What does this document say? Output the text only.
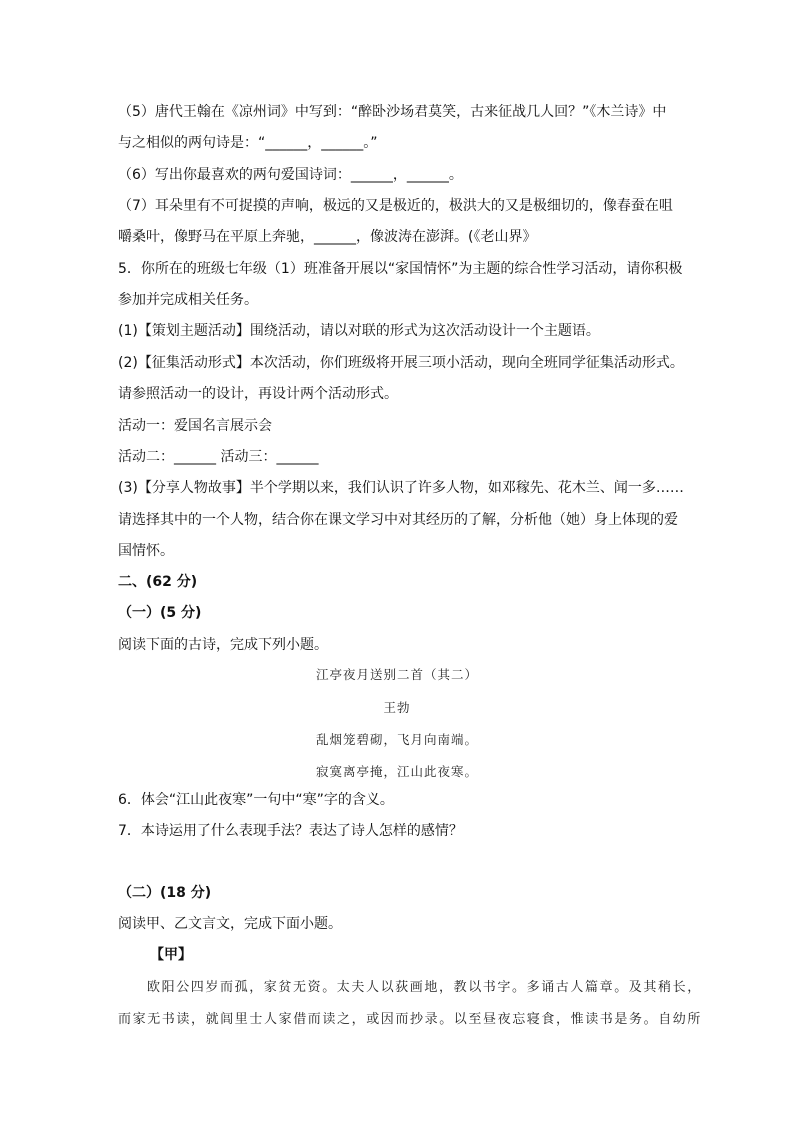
（5）唐代王翰在《凉州词》中写到：“醉卧沙场君莫笑，古来征战几人回？”《木兰诗》中
与之相似的两句诗是：“______，______。”
（6）写出你最喜欢的两句爱国诗词：______，______。
（7）耳朵里有不可捉摸的声响，极远的又是极近的，极洪大的又是极细切的，像春蚕在咀
嚼桑叶，像野马在平原上奔驰，______，像波涛在澎湃。(《老山界》
5．你所在的班级七年级（1）班准备开展以“家国情怀”为主题的综合性学习活动，请你积极
参加并完成相关任务。
(1)【策划主题活动】围绕活动，请以对联的形式为这次活动设计一个主题语。
(2)【征集活动形式】本次活动，你们班级将开展三项小活动，现向全班同学征集活动形式。
请参照活动一的设计，再设计两个活动形式。
活动一：爱国名言展示会
活动二：______ 活动三：______
(3)【分享人物故事】半个学期以来，我们认识了许多人物，如邓稼先、花木兰、闻一多……
请选择其中的一个人物，结合你在课文学习中对其经历的了解，分析他（她）身上体现的爱
国情怀。
二、(62 分)
（一）(5 分)
阅读下面的古诗，完成下列小题。
江亭夜月送别二首（其二）
王勃
乱烟笼碧砌，飞月向南端。
寂寞离亭掩，江山此夜寒。
6．体会“江山此夜寒”一句中“寒”字的含义。
7．本诗运用了什么表现手法？表达了诗人怎样的感情？
（二）(18 分)
阅读甲、乙文言文，完成下面小题。
【甲】
欧阳公四岁而孤，家贫无资。太夫人以荻画地，教以书字。多诵古人篇章。及其稍长，
而家无书读，就闾里士人家借而读之，或因而抄录。以至昼夜忘寝食，惟读书是务。自幼所
